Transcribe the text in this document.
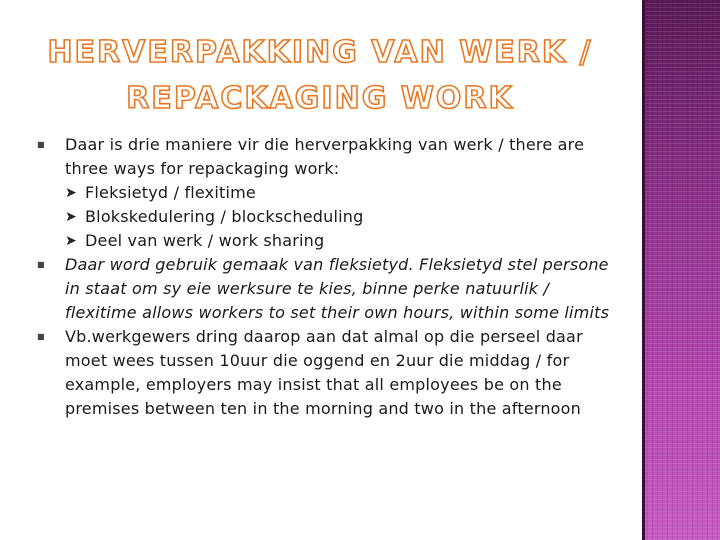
HERVERPAKKING VAN WERK /
REPACKAGING WORK
■	Daar is drie maniere vir die herverpakking van werk / there are three ways for repackaging work:
➤ Fleksietyd / flexitime
➤ Blokskedulering / blockscheduling
➤ Deel van werk / work sharing
■	Daar word gebruik gemaak van fleksietyd. Fleksietyd stel persone in staat om sy eie werksure te kies, binne perke natuurlik / flexitime allows workers to set their own hours, within some limits
■	Vb.werkgewers dring daarop aan dat almal op die perseel daar moet wees tussen 10uur die oggend en 2uur die middag / for example, employers may insist that all employees be on the premises between ten in the morning and two in the afternoon
